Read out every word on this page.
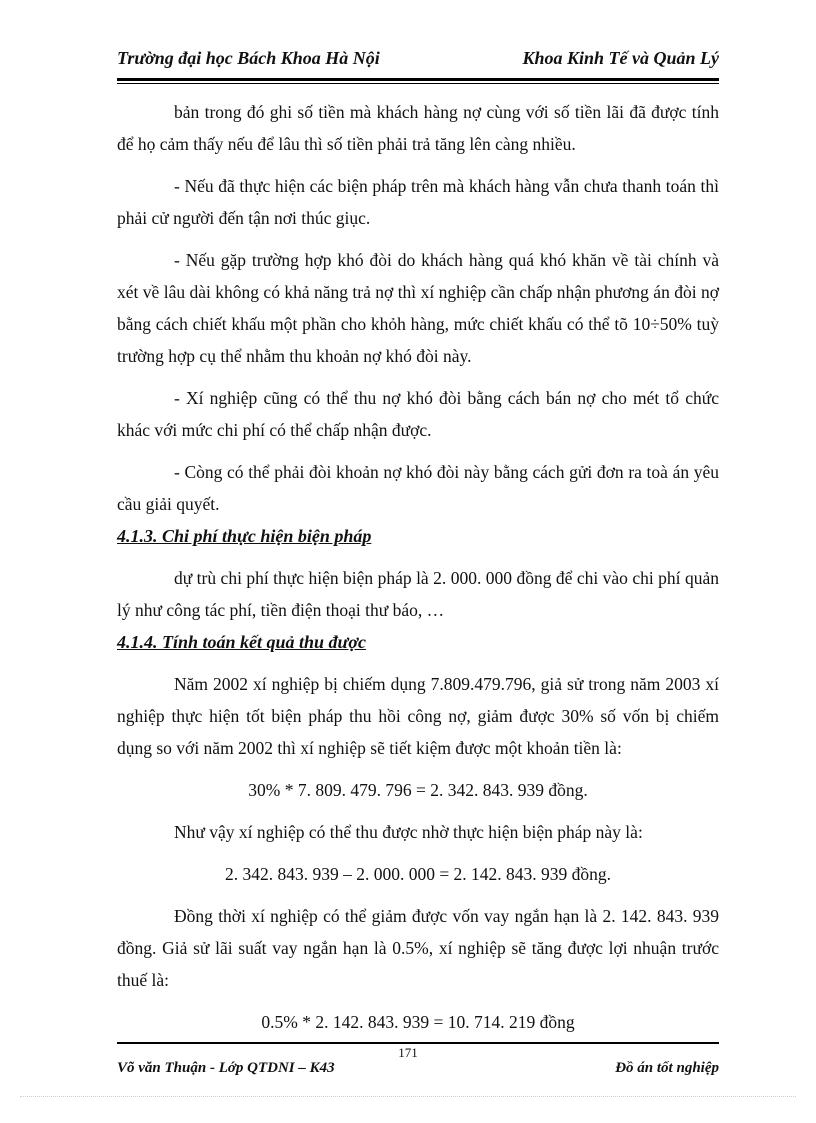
Trường đại học Bách Khoa Hà Nội	Khoa Kinh Tế và Quản Lý

bản trong đó ghi số tiền mà khách hàng nợ cùng với số tiền lãi đã được tính để họ cảm thấy nếu để lâu thì số tiền phải trả tăng lên càng nhiều.

- Nếu đã thực hiện các biện pháp trên mà khách hàng vẫn chưa thanh toán thì phải cử người đến tận nơi thúc giục.

- Nếu gặp trường hợp khó đòi do khách hàng quá khó khăn về tài chính và xét về lâu dài không có khả năng trả nợ thì xí nghiệp cần chấp nhận phương án đòi nợ bằng cách chiết khấu một phần cho khỏh hàng, mức chiết khấu có thể tõ 10÷50% tuỳ trường hợp cụ thể nhằm thu khoản nợ khó đòi này.

- Xí nghiệp cũng có thể thu nợ khó đòi bằng cách bán nợ cho mét tổ chức khác với mức chi phí có thể chấp nhận được.

- Còng có thể phải đòi khoản nợ khó đòi này bằng cách gửi đơn ra toà án yêu cầu giải quyết.

4.1.3. Chi phí thực hiện biện pháp

dự trù chi phí thực hiện biện pháp là 2. 000. 000 đồng để chi vào chi phí quản lý như công tác phí, tiền điện thoại thư báo, …

4.1.4. Tính toán kết quả thu được

Năm 2002 xí nghiệp bị chiếm dụng 7.809.479.796, giả sử trong năm 2003 xí nghiệp thực hiện tốt biện pháp thu hồi công nợ, giảm được 30% số vốn bị chiếm dụng so với năm 2002 thì xí nghiệp sẽ tiết kiệm được một khoản tiền là:

30% * 7. 809. 479. 796 = 2. 342. 843. 939 đồng.

Như vậy xí nghiệp có thể thu được nhờ thực hiện biện pháp này là:

2. 342. 843. 939 – 2. 000. 000 = 2. 142. 843. 939 đồng.

Đồng thời xí nghiệp có thể giảm được vốn vay ngắn hạn là 2. 142. 843. 939 đồng. Giả sử lãi suất vay ngắn hạn là 0.5%, xí nghiệp sẽ tăng được lợi nhuận trước thuế là:

0.5% * 2. 142. 843. 939 = 10. 714. 219 đồng

171
Võ văn Thuận - Lớp QTDNI – K43	Đồ án tốt nghiệp
